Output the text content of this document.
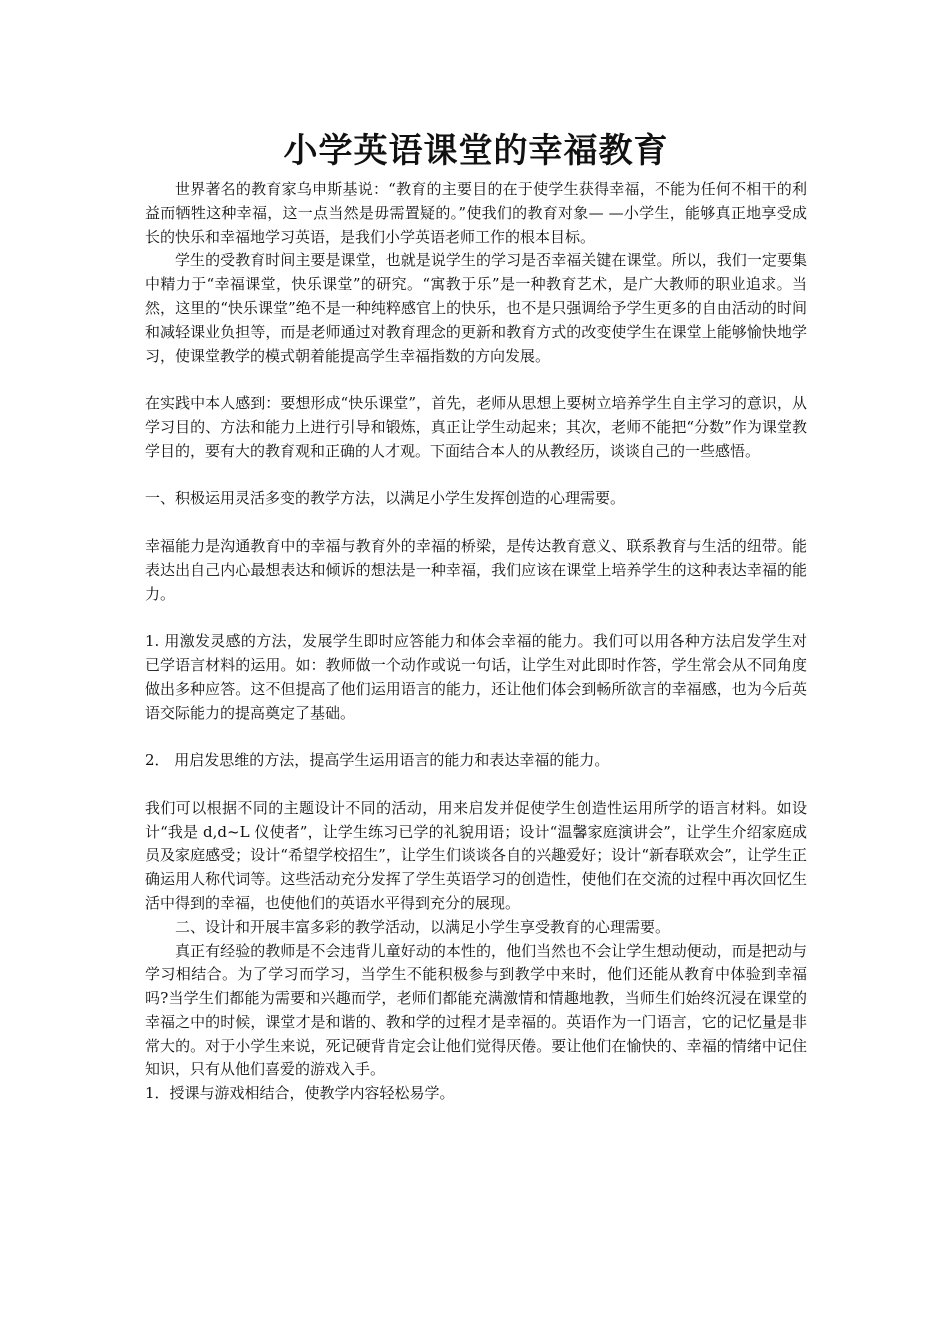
小学英语课堂的幸福教育

世界著名的教育家乌申斯基说：“教育的主要目的在于使学生获得幸福，不能为任何不相干的利益而牺牲这种幸福，这一点当然是毋需置疑的。”使我们的教育对象— —小学生，能够真正地享受成长的快乐和幸福地学习英语，是我们小学英语老师工作的根本目标。

学生的受教育时间主要是课堂，也就是说学生的学习是否幸福关键在课堂。所以，我们一定要集中精力于“幸福课堂，快乐课堂”的研究。“寓教于乐”是一种教育艺术，是广大教师的职业追求。当然，这里的“快乐课堂”绝不是一种纯粹感官上的快乐，也不是只强调给予学生更多的自由活动的时间和减轻课业负担等，而是老师通过对教育理念的更新和教育方式的改变使学生在课堂上能够愉快地学习，使课堂教学的模式朝着能提高学生幸福指数的方向发展。

在实践中本人感到：要想形成“快乐课堂”，首先，老师从思想上要树立培养学生自主学习的意识，从学习目的、方法和能力上进行引导和锻炼，真正让学生动起来；其次，老师不能把“分数”作为课堂教学目的，要有大的教育观和正确的人才观。下面结合本人的从教经历，谈谈自己的一些感悟。

一、积极运用灵活多变的教学方法，以满足小学生发挥创造的心理需要。

幸福能力是沟通教育中的幸福与教育外的幸福的桥梁，是传达教育意义、联系教育与生活的纽带。能表达出自己内心最想表达和倾诉的想法是一种幸福，我们应该在课堂上培养学生的这种表达幸福的能力。

1. 用激发灵感的方法，发展学生即时应答能力和体会幸福的能力。我们可以用各种方法启发学生对已学语言材料的运用。如：教师做一个动作或说一句话，让学生对此即时作答，学生常会从不同角度做出多种应答。这不但提高了他们运用语言的能力，还让他们体会到畅所欲言的幸福感，也为今后英语交际能力的提高奠定了基础。

2． 用启发思维的方法，提高学生运用语言的能力和表达幸福的能力。

我们可以根据不同的主题设计不同的活动，用来启发并促使学生创造性运用所学的语言材料。如设计“我是 d,d~L 仪使者”，让学生练习已学的礼貌用语；设计“温馨家庭演讲会”，让学生介绍家庭成员及家庭感受；设计“希望学校招生”，让学生们谈谈各自的兴趣爱好；设计“新春联欢会”，让学生正确运用人称代词等。这些活动充分发挥了学生英语学习的创造性，使他们在交流的过程中再次回忆生活中得到的幸福，也使他们的英语水平得到充分的展现。

二、设计和开展丰富多彩的教学活动，以满足小学生享受教育的心理需要。

真正有经验的教师是不会违背儿童好动的本性的，他们当然也不会让学生想动便动，而是把动与学习相结合。为了学习而学习，当学生不能积极参与到教学中来时，他们还能从教育中体验到幸福吗?当学生们都能为需要和兴趣而学，老师们都能充满激情和情趣地教，当师生们始终沉浸在课堂的幸福之中的时候，课堂才是和谐的、教和学的过程才是幸福的。英语作为一门语言，它的记忆量是非常大的。对于小学生来说，死记硬背肯定会让他们觉得厌倦。要让他们在愉快的、幸福的情绪中记住知识，只有从他们喜爱的游戏入手。

1．授课与游戏相结合，使教学内容轻松易学。
